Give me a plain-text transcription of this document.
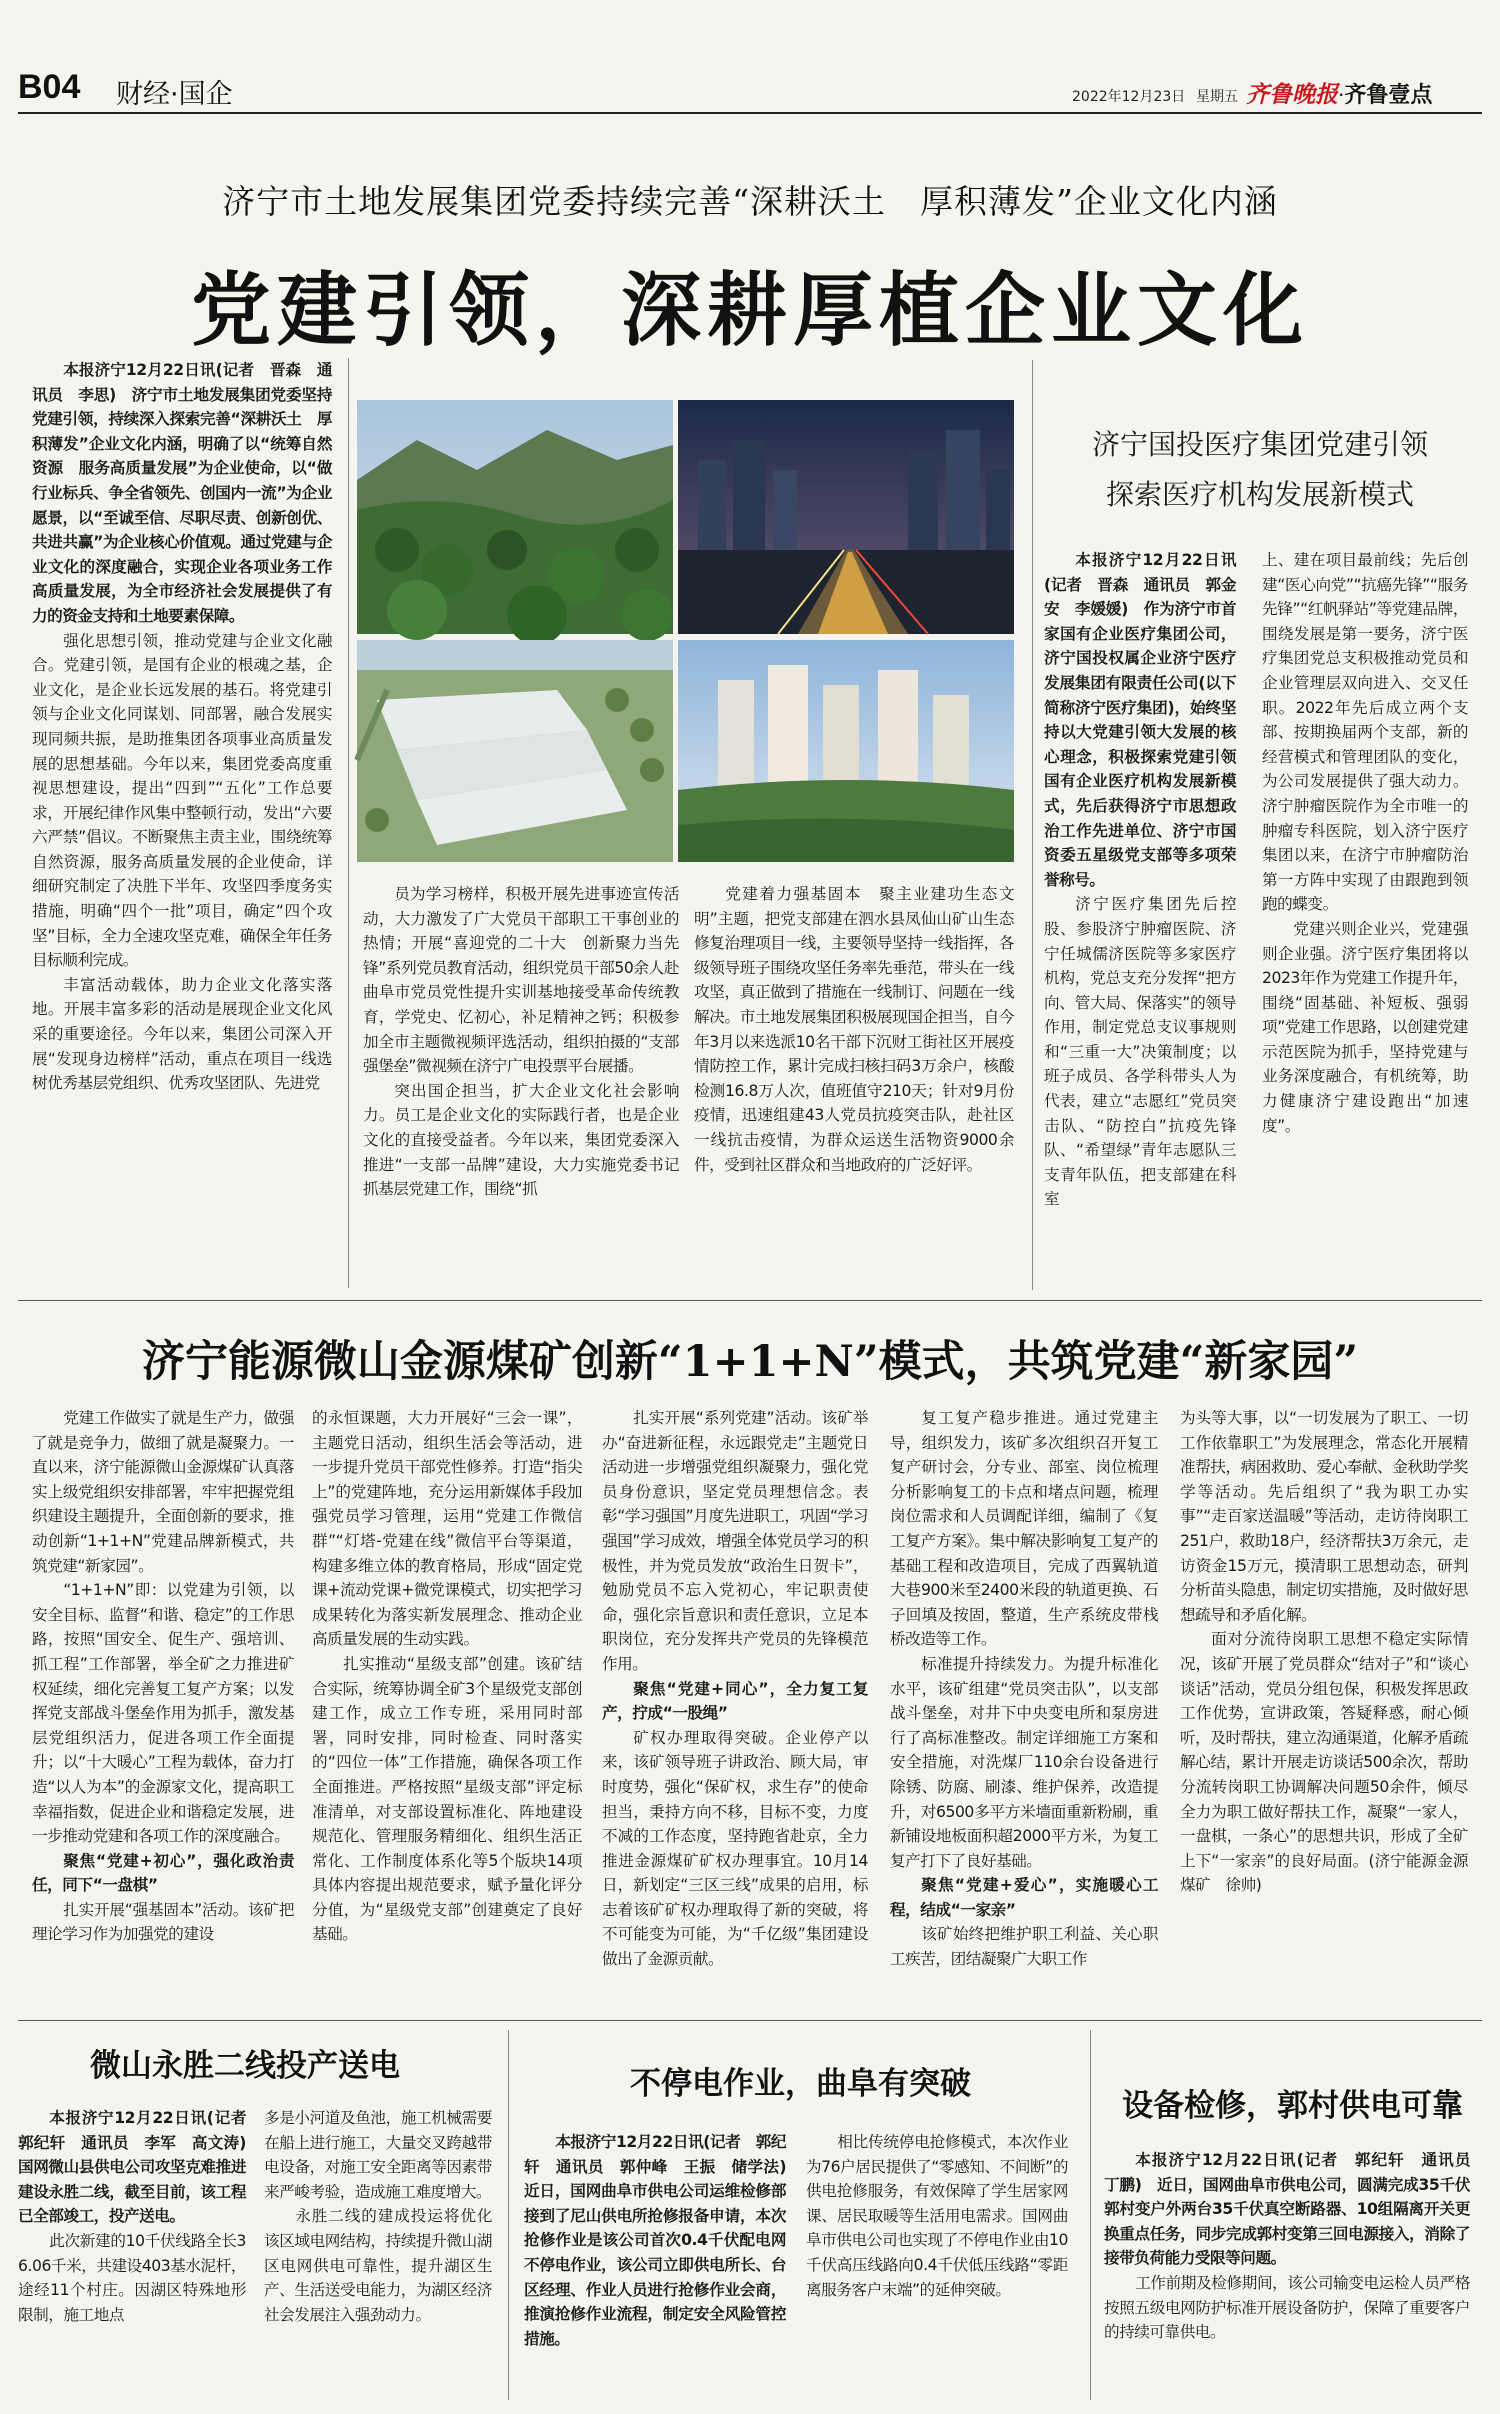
B04 财经·国企	2022年12月23日 星期五 齐鲁晚报·齐鲁壹点
济宁市土地发展集团党委持续完善“深耕沃土　厚积薄发”企业文化内涵
党建引领，深耕厚植企业文化

本报济宁12月22日讯(记者　晋森　通讯员　李思)　济宁市土地发展集团党委坚持党建引领，持续深入探索完善“深耕沃土　厚积薄发”企业文化内涵，明确了以“统筹自然资源　服务高质量发展”为企业使命，以“做行业标兵、争全省领先、创国内一流”为企业愿景，以“至诚至信、尽职尽责、创新创优、共进共赢”为企业核心价值观。通过党建与企业文化的深度融合，实现企业各项业务工作高质量发展，为全市经济社会发展提供了有力的资金支持和土地要素保障。

强化思想引领，推动党建与企业文化融合。党建引领，是国有企业的根魂之基，企业文化，是企业长远发展的基石。将党建引领与企业文化同谋划、同部署，融合发展实现同频共振，是助推集团各项事业高质量发展的思想基础。今年以来，集团党委高度重视思想建设，提出“四到”“五化”工作总要求，开展纪律作风集中整顿行动，发出“六要六严禁”倡议。不断聚焦主责主业，围绕统筹自然资源，服务高质量发展的企业使命，详细研究制定了决胜下半年、攻坚四季度务实措施，明确“四个一批”项目，确定“四个攻坚”目标，全力全速攻坚克难，确保全年任务目标顺利完成。

丰富活动载体，助力企业文化落实落地。开展丰富多彩的活动是展现企业文化风采的重要途径。今年以来，集团公司深入开展“发现身边榜样”活动，重点在项目一线选树优秀基层党组织、优秀攻坚团队、先进党

员为学习榜样，积极开展先进事迹宣传活动，大力激发了广大党员干部职工干事创业的热情；开展“喜迎党的二十大　创新聚力当先锋”系列党员教育活动，组织党员干部50余人赴曲阜市党员党性提升实训基地接受革命传统教育，学党史、忆初心，补足精神之钙；积极参加全市主题微视频评选活动，组织拍摄的“支部强堡垒”微视频在济宁广电投票平台展播。

突出国企担当，扩大企业文化社会影响力。员工是企业文化的实际践行者，也是企业文化的直接受益者。今年以来，集团党委深入推进“一支部一品牌”建设，大力实施党委书记抓基层党建工作，围绕“抓

党建着力强基固本　聚主业建功生态文明”主题，把党支部建在泗水县凤仙山矿山生态修复治理项目一线，主要领导坚持一线指挥，各级领导班子围绕攻坚任务率先垂范，带头在一线攻坚，真正做到了措施在一线制订、问题在一线解决。市土地发展集团积极展现国企担当，自今年3月以来选派10名干部下沉财工街社区开展疫情防控工作，累计完成扫核扫码3万余户，核酸检测16.8万人次，值班值守210天；针对9月份疫情，迅速组建43人党员抗疫突击队，赴社区一线抗击疫情，为群众运送生活物资9000余件，受到社区群众和当地政府的广泛好评。

济宁国投医疗集团党建引领
探索医疗机构发展新模式

本报济宁12月22日讯(记者　晋森　通讯员　郭金安　李媛媛)　作为济宁市首家国有企业医疗集团公司，济宁国投权属企业济宁医疗发展集团有限责任公司(以下简称济宁医疗集团)，始终坚持以大党建引领大发展的核心理念，积极探索党建引领国有企业医疗机构发展新模式，先后获得济宁市思想政治工作先进单位、济宁市国资委五星级党支部等多项荣誉称号。

济宁医疗集团先后控股、参股济宁肿瘤医院、济宁任城儒济医院等多家医疗机构，党总支充分发挥“把方向、管大局、保落实”的领导作用，制定党总支议事规则和“三重一大”决策制度；以班子成员、各学科带头人为代表，建立“志愿红”党员突击队、“防控白”抗疫先锋队、“希望绿”青年志愿队三支青年队伍，把支部建在科室

上、建在项目最前线；先后创建“医心向党”“抗癌先锋”“服务先锋”“红帆驿站”等党建品牌，围绕发展是第一要务，济宁医疗集团党总支积极推动党员和企业管理层双向进入、交叉任职。2022年先后成立两个支部、按期换届两个支部，新的经营模式和管理团队的变化，为公司发展提供了强大动力。济宁肿瘤医院作为全市唯一的肿瘤专科医院，划入济宁医疗集团以来，在济宁市肿瘤防治第一方阵中实现了由跟跑到领跑的蝶变。

党建兴则企业兴，党建强则企业强。济宁医疗集团将以2023年作为党建工作提升年，围绕“固基础、补短板、强弱项”党建工作思路，以创建党建示范医院为抓手，坚持党建与业务深度融合，有机统筹，助力健康济宁建设跑出“加速度”。

济宁能源微山金源煤矿创新“1+1+N”模式，共筑党建“新家园”

党建工作做实了就是生产力，做强了就是竞争力，做细了就是凝聚力。一直以来，济宁能源微山金源煤矿认真落实上级党组织安排部署，牢牢把握党组织建设主题提升，全面创新的要求，推动创新“1+1+N”党建品牌新模式，共筑党建“新家园”。

“1+1+N”即：以党建为引领，以安全目标、监督“和谐、稳定”的工作思路，按照“国安全、促生产、强培训、抓工程”工作部署，举全矿之力推进矿权延续，细化完善复工复产方案；以发挥党支部战斗堡垒作用为抓手，激发基层党组织活力，促进各项工作全面提升；以“十大暖心”工程为载体，奋力打造“以人为本”的金源家文化，提高职工幸福指数，促进企业和谐稳定发展，进一步推动党建和各项工作的深度融合。

聚焦“党建+初心”，强化政治责任，同下“一盘棋”

扎实开展“强基固本”活动。该矿把理论学习作为加强党的建设

的永恒课题，大力开展好“三会一课”，主题党日活动，组织生活会等活动，进一步提升党员干部党性修养。打造“指尖上”的党建阵地，充分运用新媒体手段加强党员学习管理，运用“党建工作微信群”“灯塔-党建在线”微信平台等渠道，构建多维立体的教育格局，形成“固定党课+流动党课+微党课模式，切实把学习成果转化为落实新发展理念、推动企业高质量发展的生动实践。

扎实推动“星级支部”创建。该矿结合实际，统筹协调全矿3个星级党支部创建工作，成立工作专班，采用同时部署，同时安排，同时检查、同时落实的“四位一体”工作措施，确保各项工作全面推进。严格按照“星级支部”评定标准清单，对支部设置标准化、阵地建设规范化、管理服务精细化、组织生活正常化、工作制度体系化等5个版块14项具体内容提出规范要求，赋予量化评分分值，为“星级党支部”创建奠定了良好基础。

扎实开展“系列党建”活动。该矿举办“奋进新征程，永远跟党走”主题党日活动进一步增强党组织凝聚力，强化党员身份意识，坚定党员理想信念。表彰“学习强国”月度先进职工，巩固“学习强国”学习成效，增强全体党员学习的积极性，并为党员发放“政治生日贺卡”，勉励党员不忘入党初心，牢记职责使命，强化宗旨意识和责任意识，立足本职岗位，充分发挥共产党员的先锋模范作用。

聚焦“党建+同心”，全力复工复产，拧成“一股绳”

矿权办理取得突破。企业停产以来，该矿领导班子讲政治、顾大局，审时度势，强化“保矿权，求生存”的使命担当，秉持方向不移，目标不变，力度不减的工作态度，坚持跑省赴京，全力推进金源煤矿矿权办理事宜。10月14日，新划定“三区三线”成果的启用，标志着该矿矿权办理取得了新的突破，将不可能变为可能，为“千亿级”集团建设做出了金源贡献。

复工复产稳步推进。通过党建主导，组织发力，该矿多次组织召开复工复产研讨会，分专业、部室、岗位梳理分析影响复工的卡点和堵点问题，梳理岗位需求和人员调配详细，编制了《复工复产方案》。集中解决影响复工复产的基础工程和改造项目，完成了西翼轨道大巷900米至2400米段的轨道更换、石子回填及按固，整道，生产系统皮带栈桥改造等工作。

标准提升持续发力。为提升标准化水平，该矿组建“党员突击队”，以支部战斗堡垒，对井下中央变电所和泵房进行了高标准整改。制定详细施工方案和安全措施，对洗煤厂110余台设备进行除锈、防腐、刷漆、维护保养，改造提升，对6500多平方米墙面重新粉刷，重新铺设地板面积超2000平方米，为复工复产打下了良好基础。

聚焦“党建+爱心”，实施暖心工程，结成“一家亲”

该矿始终把维护职工利益、关心职工疾苦，团结凝聚广大职工作

为头等大事，以“一切发展为了职工、一切工作依靠职工”为发展理念，常态化开展精准帮扶，病困救助、爱心奉献、金秋助学奖学等活动。先后组织了“我为职工办实事”“走百家送温暖”等活动，走访待岗职工251户，救助18户，经济帮扶3万余元，走访资金15万元，摸清职工思想动态，研判分析苗头隐患，制定切实措施，及时做好思想疏导和矛盾化解。

面对分流待岗职工思想不稳定实际情况，该矿开展了党员群众“结对子”和“谈心谈话”活动，党员分组包保，积极发挥思政工作优势，宣讲政策，答疑释惑，耐心倾听，及时帮扶，建立沟通渠道，化解矛盾疏解心结，累计开展走访谈话500余次，帮助分流转岗职工协调解决问题50余件，倾尽全力为职工做好帮扶工作，凝聚“一家人，一盘棋，一条心”的思想共识，形成了全矿上下“一家亲”的良好局面。(济宁能源金源煤矿　徐帅)

微山永胜二线投产送电

本报济宁12月22日讯(记者　郭纪轩　通讯员　李军　高文涛)　国网微山县供电公司攻坚克难推进建设永胜二线，截至目前，该工程已全部竣工，投产送电。

此次新建的10千伏线路全长36.06千米，共建设403基水泥杆，途经11个村庄。因湖区特殊地形限制，施工地点

多是小河道及鱼池，施工机械需要在船上进行施工，大量交叉跨越带电设备，对施工安全距离等因素带来严峻考验，造成施工难度增大。

永胜二线的建成投运将优化该区域电网结构，持续提升微山湖区电网供电可靠性，提升湖区生产、生活送受电能力，为湖区经济社会发展注入强劲动力。

不停电作业，曲阜有突破

本报济宁12月22日讯(记者　郭纪轩　通讯员　郭仲峰　王振　储学法)　近日，国网曲阜市供电公司运维检修部接到了尼山供电所抢修报备申请，本次抢修作业是该公司首次0.4千伏配电网不停电作业，该公司立即供电所长、台区经理、作业人员进行抢修作业会商，推演抢修作业流程，制定安全风险管控措施。

相比传统停电抢修模式，本次作业为76户居民提供了“零感知、不间断”的供电抢修服务，有效保障了学生居家网课、居民取暖等生活用电需求。国网曲阜市供电公司也实现了不停电作业由10千伏高压线路向0.4千伏低压线路“零距离服务客户末端”的延伸突破。

设备检修，郭村供电可靠

本报济宁12月22日讯(记者　郭纪轩　通讯员　丁鹏)　近日，国网曲阜市供电公司，圆满完成35千伏郭村变户外两台35千伏真空断路器、10组隔离开关更换重点任务，同步完成郭村变第三回电源接入，消除了接带负荷能力受限等问题。

工作前期及检修期间，该公司输变电运检人员严格按照五级电网防护标准开展设备防护，保障了重要客户的持续可靠供电。
